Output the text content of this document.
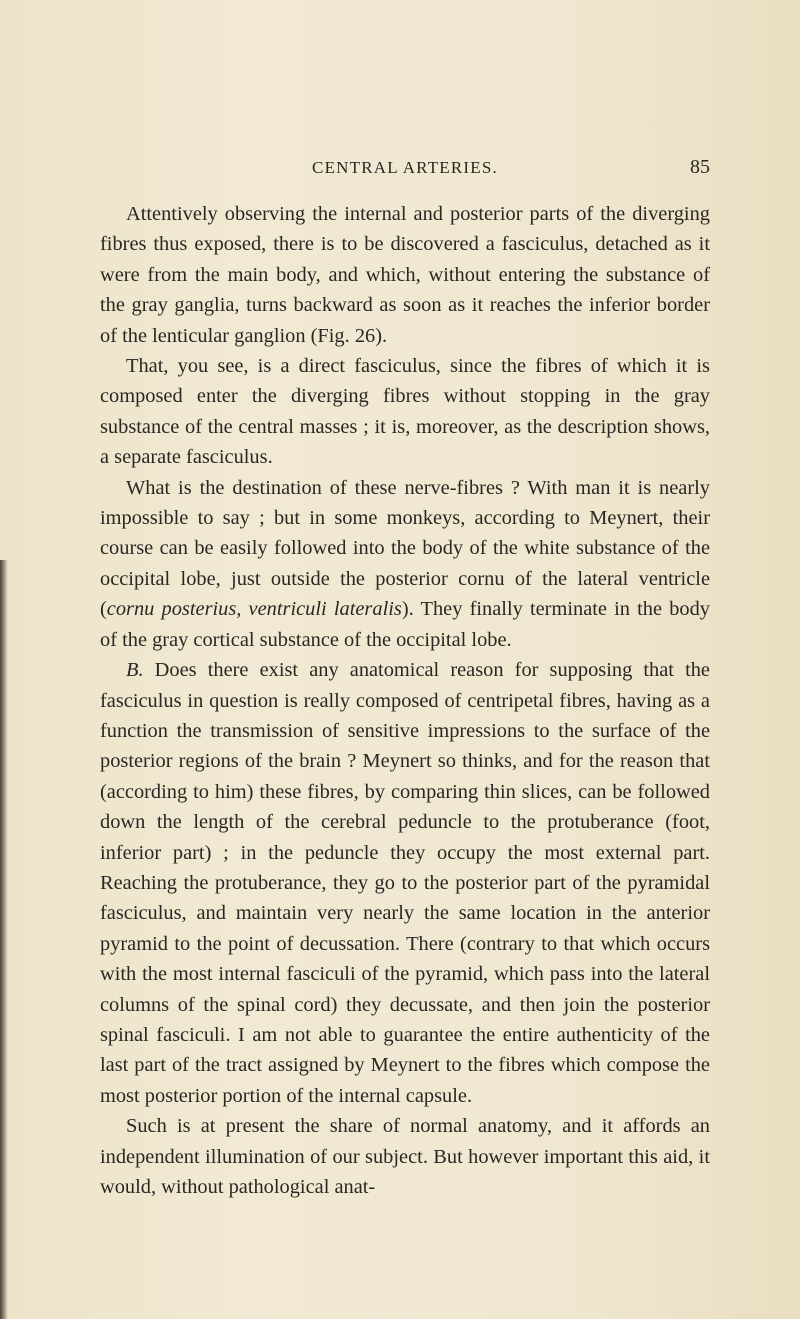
CENTRAL ARTERIES.	85

Attentively observing the internal and posterior parts of the diverging fibres thus exposed, there is to be discovered a fasciculus, detached as it were from the main body, and which, without entering the substance of the gray ganglia, turns backward as soon as it reaches the inferior border of the lenticular ganglion (Fig. 26).

That, you see, is a direct fasciculus, since the fibres of which it is composed enter the diverging fibres without stopping in the gray substance of the central masses ; it is, moreover, as the description shows, a separate fasciculus.

What is the destination of these nerve-fibres ? With man it is nearly impossible to say ; but in some monkeys, according to Meynert, their course can be easily followed into the body of the white substance of the occipital lobe, just outside the posterior cornu of the lateral ventricle (cornu posterius, ventriculi lateralis). They finally terminate in the body of the gray cortical substance of the occipital lobe.

B. Does there exist any anatomical reason for supposing that the fasciculus in question is really composed of centripetal fibres, having as a function the transmission of sensitive impressions to the surface of the posterior regions of the brain ? Meynert so thinks, and for the reason that (according to him) these fibres, by comparing thin slices, can be followed down the length of the cerebral peduncle to the protuberance (foot, inferior part) ; in the peduncle they occupy the most external part. Reaching the protuberance, they go to the posterior part of the pyramidal fasciculus, and maintain very nearly the same location in the anterior pyramid to the point of decussation. There (contrary to that which occurs with the most internal fasciculi of the pyramid, which pass into the lateral columns of the spinal cord) they decussate, and then join the posterior spinal fasciculi. I am not able to guarantee the entire authenticity of the last part of the tract assigned by Meynert to the fibres which compose the most posterior portion of the internal capsule.

Such is at present the share of normal anatomy, and it affords an independent illumination of our subject. But however important this aid, it would, without pathological anat-
